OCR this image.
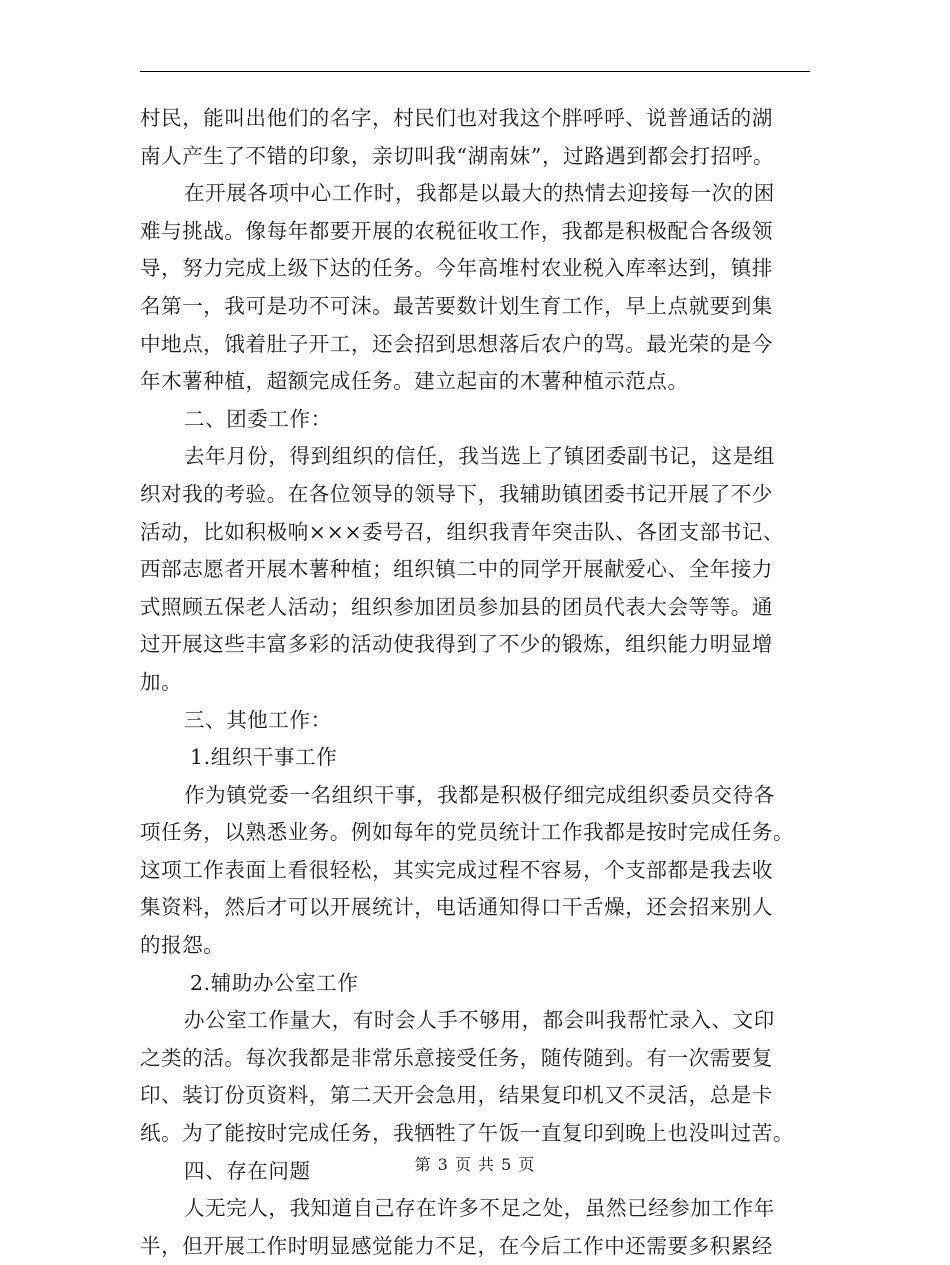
村民，能叫出他们的名字，村民们也对我这个胖呼呼、说普通话的湖
南人产生了不错的印象，亲切叫我“湖南妹”，过路遇到都会打招呼。
在开展各项中心工作时，我都是以最大的热情去迎接每一次的困
难与挑战。像每年都要开展的农税征收工作，我都是积极配合各级领
导，努力完成上级下达的任务。今年高堆村农业税入库率达到，镇排
名第一，我可是功不可沫。最苦要数计划生育工作，早上点就要到集
中地点，饿着肚子开工，还会招到思想落后农户的骂。最光荣的是今
年木薯种植，超额完成任务。建立起亩的木薯种植示范点。
二、团委工作：
去年月份，得到组织的信任，我当选上了镇团委副书记，这是组
织对我的考验。在各位领导的领导下，我辅助镇团委书记开展了不少
活动，比如积极响×××委号召，组织我青年突击队、各团支部书记、
西部志愿者开展木薯种植；组织镇二中的同学开展献爱心、全年接力
式照顾五保老人活动；组织参加团员参加县的团员代表大会等等。通
过开展这些丰富多彩的活动使我得到了不少的锻炼，组织能力明显增
加。
三、其他工作：
1.组织干事工作
作为镇党委一名组织干事，我都是积极仔细完成组织委员交待各
项任务，以熟悉业务。例如每年的党员统计工作我都是按时完成任务。
这项工作表面上看很轻松，其实完成过程不容易，个支部都是我去收
集资料，然后才可以开展统计，电话通知得口干舌燥，还会招来别人
的报怨。
2.辅助办公室工作
办公室工作量大，有时会人手不够用，都会叫我帮忙录入、文印
之类的活。每次我都是非常乐意接受任务，随传随到。有一次需要复
印、装订份页资料，第二天开会急用，结果复印机又不灵活，总是卡
纸。为了能按时完成任务，我牺牲了午饭一直复印到晚上也没叫过苦。
四、存在问题
人无完人，我知道自己存在许多不足之处，虽然已经参加工作年
半，但开展工作时明显感觉能力不足，在今后工作中还需要多积累经
第 3 页 共 5 页
